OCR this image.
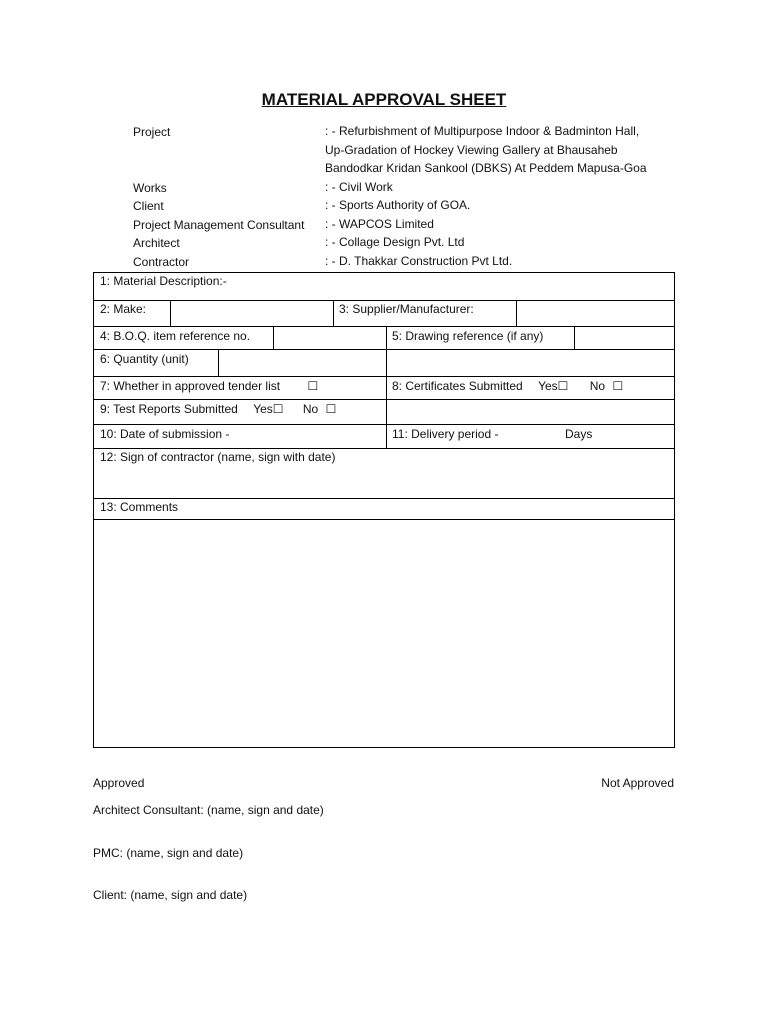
MATERIAL APPROVAL SHEET
Project	: - Refurbishment of Multipurpose Indoor & Badminton Hall,
Up-Gradation of Hockey Viewing Gallery at Bhausaheb
Bandodkar Kridan Sankool (DBKS) At Peddem Mapusa-Goa
Works	: - Civil Work
Client	: - Sports Authority of GOA.
Project Management Consultant : - WAPCOS Limited
Architect	: - Collage Design Pvt. Ltd
Contractor	: - D. Thakkar Construction Pvt Ltd.
1: Material Description:-
2: Make:	3: Supplier/Manufacturer:
4: B.O.Q. item reference no.	5: Drawing reference (if any)
6: Quantity (unit)
7: Whether in approved tender list ☐	8: Certificates Submitted Yes☐ No ☐
9: Test Reports Submitted Yes☐ No ☐
10: Date of submission -	11: Delivery period -	Days
12: Sign of contractor (name, sign with date)
13: Comments
Approved	Not Approved
Architect Consultant: (name, sign and date)
PMC: (name, sign and date)
Client: (name, sign and date)
